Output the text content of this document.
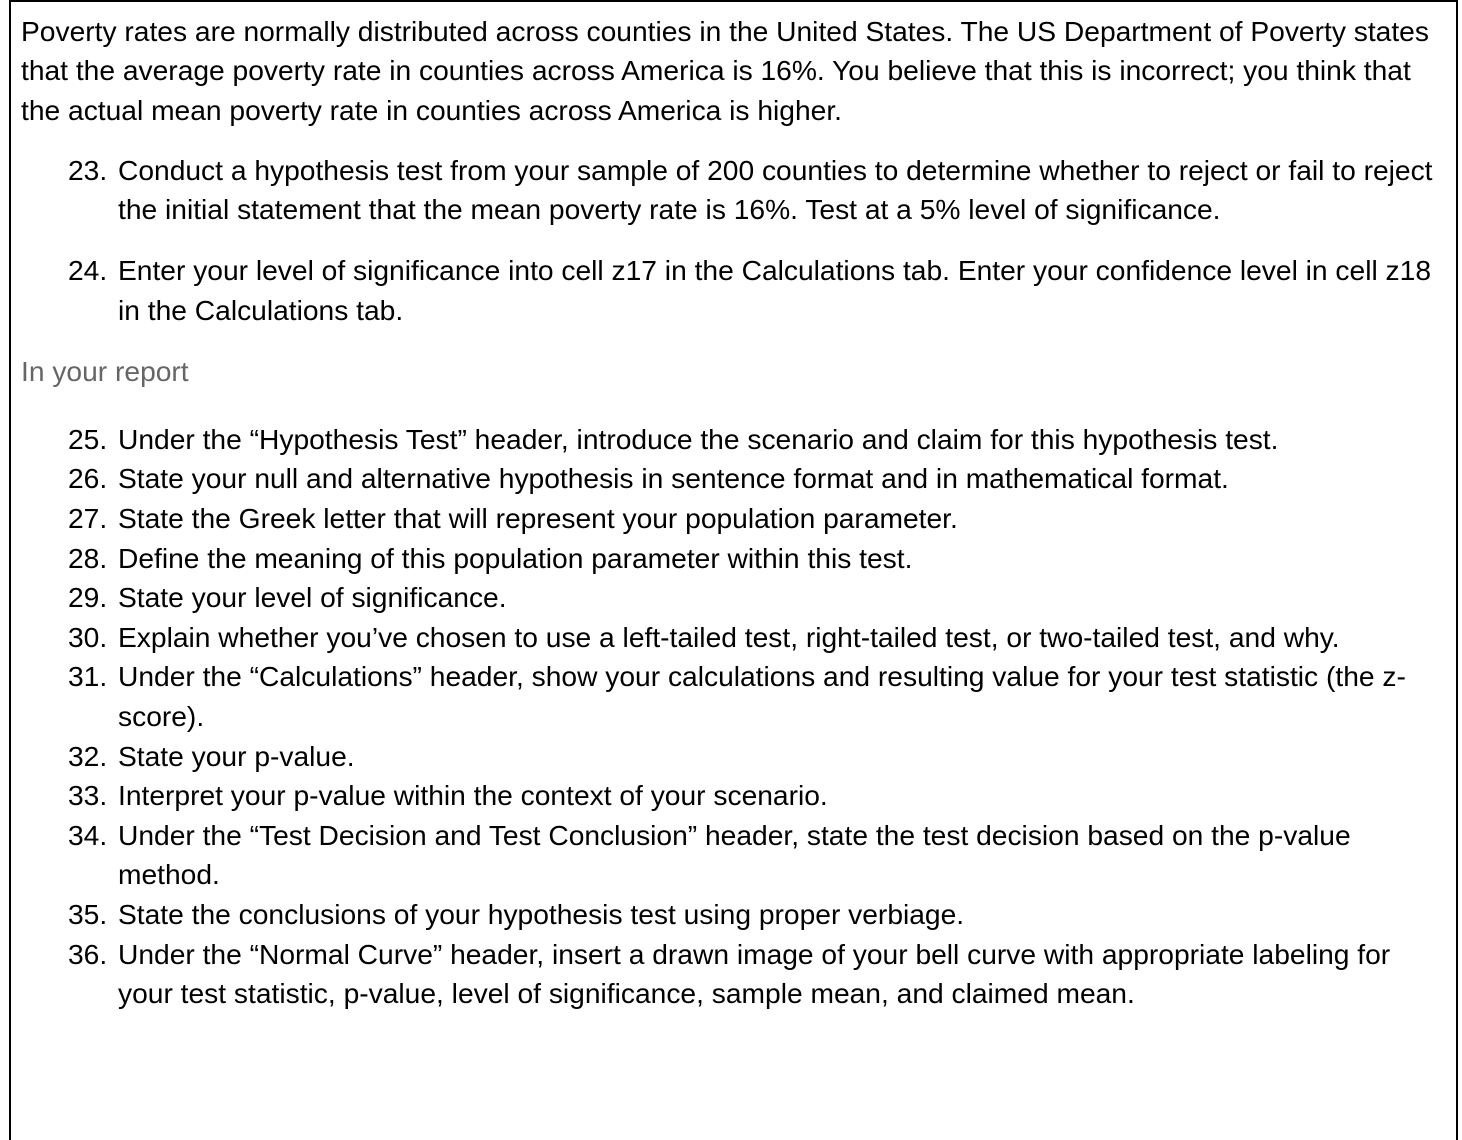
Poverty rates are normally distributed across counties in the United States. The US Department of Poverty states that the average poverty rate in counties across America is 16%. You believe that this is incorrect; you think that the actual mean poverty rate in counties across America is higher.

23. Conduct a hypothesis test from your sample of 200 counties to determine whether to reject or fail to reject the initial statement that the mean poverty rate is 16%. Test at a 5% level of significance.
24. Enter your level of significance into cell z17 in the Calculations tab. Enter your confidence level in cell z18 in the Calculations tab.
In your report
25. Under the “Hypothesis Test” header, introduce the scenario and claim for this hypothesis test.
26. State your null and alternative hypothesis in sentence format and in mathematical format.
27. State the Greek letter that will represent your population parameter.
28. Define the meaning of this population parameter within this test.
29. State your level of significance.
30. Explain whether you’ve chosen to use a left-tailed test, right-tailed test, or two-tailed test, and why.
31. Under the “Calculations” header, show your calculations and resulting value for your test statistic (the z-score).
32. State your p-value.
33. Interpret your p-value within the context of your scenario.
34. Under the “Test Decision and Test Conclusion” header, state the test decision based on the p-value method.
35. State the conclusions of your hypothesis test using proper verbiage.
36. Under the “Normal Curve” header, insert a drawn image of your bell curve with appropriate labeling for your test statistic, p-value, level of significance, sample mean, and claimed mean.
